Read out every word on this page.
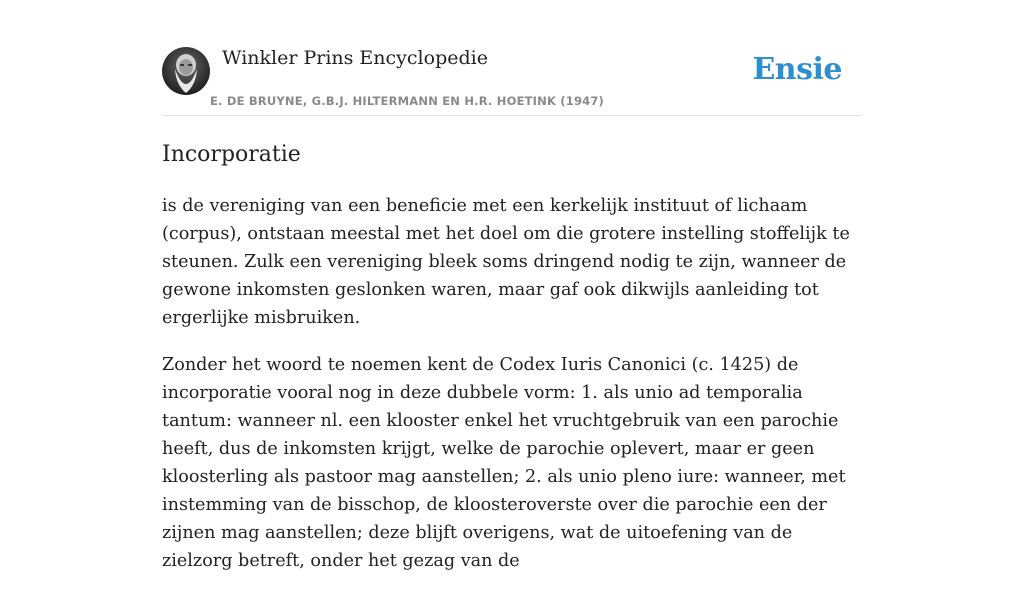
Winkler Prins Encyclopedie
E. DE BRUYNE, G.B.J. HILTERMANN EN H.R. HOETINK (1947)
Ensie
Incorporatie

is de vereniging van een beneficie met een kerkelijk instituut of lichaam (corpus), ontstaan meestal met het doel om die grotere instelling stoffelijk te steunen. Zulk een vereniging bleek soms dringend nodig te zijn, wanneer de gewone inkomsten geslonken waren, maar gaf ook dikwijls aanleiding tot ergerlijke misbruiken.

Zonder het woord te noemen kent de Codex Iuris Canonici (c. 1425) de incorporatie vooral nog in deze dubbele vorm: 1. als unio ad temporalia tantum: wanneer nl. een klooster enkel het vruchtgebruik van een parochie heeft, dus de inkomsten krijgt, welke de parochie oplevert, maar er geen kloosterling als pastoor mag aanstellen; 2. als unio pleno iure: wanneer, met instemming van de bisschop, de kloosteroverste over die parochie een der zijnen mag aanstellen; deze blijft overigens, wat de uitoefening van de zielzorg betreft, onder het gezag van de
